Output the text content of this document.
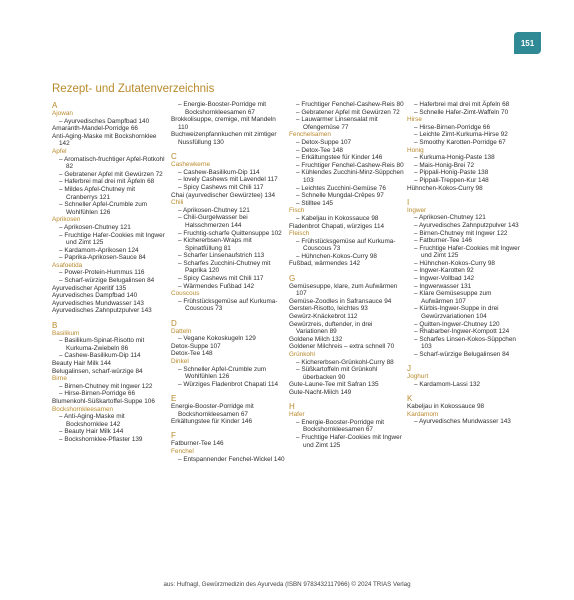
151
Rezept- und Zutatenverzeichnis
A
Ajowan
– Ayurvedisches Dampfbad 140
Amaranth-Mandel-Porridge 66
Anti-Aging-Maske mit Bockshornklee 142
Apfel
– Aromatisch-fruchtiger Apfel-Rotkohl 82
– Gebratener Apfel mit Gewürzen 72
– Haferbrei mal drei mit Äpfeln 68
– Mildes Apfel-Chutney mit Cranberrys 121
– Schneller Apfel-Crumble zum Wohlfühlen 126
Aprikosen
– Aprikosen-Chutney 121
– Fruchtige Hafer-Cookies mit Ingwer und Zimt 125
– Kardamom-Aprikosen 124
– Paprika-Aprikosen-Sauce 84
Asafoetida
– Power-Protein-Hummus 116
– Scharf-würzige Belugalinsen 84
Ayurvedischer Aperitif 135
Ayurvedisches Dampfbad 140
Ayurvedisches Mundwasser 143
Ayurvedisches Zahnputzpulver 143
B
Basilikum
– Basilikum-Spinat-Risotto mit Kurkuma-Zwiebeln 86
– Cashew-Basilikum-Dip 114
Beauty Hair Milk 144
Belugalinsen, scharf-würzige 84
Birne
– Birnen-Chutney mit Ingwer 122
– Hirse-Birnen-Porridge 66
Blumenkohl-Süßkartoffel-Suppe 106
Bockshornkleesamen
– Anti-Aging-Maske mit Bockshornklee 142
– Beauty Hair Milk 144
– Bockshornklee-Pflaster 139
– Energie-Booster-Porridge mit Bockshornkleesamen 67
Brokkolisuppe, cremige, mit Mandeln 110
Buchweizenpfannkuchen mit zimtiger Nussfüllung 130
C
Cashewkerne
– Cashew-Basilikum-Dip 114
– lovely Cashews mit Lavendel 117
– Spicy Cashews mit Chili 117
Chai (ayurvedischer Gewürztee) 134
Chili
– Aprikosen-Chutney 121
– Chili-Gurgelwasser bei Halsschmerzen 144
– Fruchtig-scharfe Quittensuppe 102
– Kichererbsen-Wraps mit Spinatfüllung 81
– Scharfer Linsenaufstrich 113
– Scharfes Zucchini-Chutney mit Paprika 120
– Spicy Cashews mit Chili 117
– Wärmendes Fußbad 142
Couscous
– Frühstücksgemüse auf Kurkuma-Couscous 73
D
Datteln
– Vegane Kokoskugeln 129
Detox-Suppe 107
Detox-Tee 148
Dinkel
– Schneller Apfel-Crumble zum Wohlfühlen 126
– Würziges Fladenbrot Chapati 114
E
Energie-Booster-Porridge mit Bockshornkleesamen 67
Erkältungstee für Kinder 146
F
Fatburner-Tee 146
Fenchel
– Entspannender Fenchel-Wickel 140
– Fruchtiger Fenchel-Cashew-Reis 80
– Gebratener Apfel mit Gewürzen 72
– Lauwarmer Linsensalat mit Ofengemüse 77
Fenchelsamen
– Detox-Suppe 107
– Detox-Tee 148
– Erkältungstee für Kinder 146
– Fruchtiger Fenchel-Cashew-Reis 80
– Kühlendes Zucchini-Minz-Süppchen 103
– Leichtes Zucchini-Gemüse 76
– Schnelle Mungdal-Crêpes 97
– Stilltee 145
Fisch
– Kabeljau in Kokossauce 98
Fladenbrot Chapati, würziges 114
Fleisch
– Frühstücksgemüse auf Kurkuma-Couscous 73
– Hühnchen-Kokos-Curry 98
Fußbad, wärmendes 142
G
Gemüsesuppe, klare, zum Aufwärmen 107
Gemüse-Zoodles in Safransauce 94
Gersten-Risotto, leichtes 93
Gewürz-Knäckebrot 112
Gewürzreis, duftender, in drei Variationen 89
Goldene Milch 132
Goldener Milchreis – extra schnell 70
Grünkohl
– Kichererbsen-Grünkohl-Curry 88
– Süßkartoffeln mit Grünkohl überbacken 90
Gute-Laune-Tee mit Safran 135
Gute-Nacht-Milch 149
H
Hafer
– Energie-Booster-Porridge mit Bockshornkleesamen 67
– Fruchtige Hafer-Cookies mit Ingwer und Zimt 125
– Haferbrei mal drei mit Äpfeln 68
– Schnelle Hafer-Zimt-Waffeln 70
Hirse
– Hirse-Birnen-Porridge 66
– Leichte Zimt-Kurkuma-Hirse 92
– Smoothy Karotten-Porridge 67
Honig
– Kurkuma-Honig-Paste 138
– Mais-Honig-Brei 72
– Pippali-Honig-Paste 138
– Pippali-Treppen-Kur 148
Hühnchen-Kokos-Curry 98
I
Ingwer
– Aprikosen-Chutney 121
– Ayurvedisches Zahnputzpulver 143
– Birnen-Chutney mit Ingwer 122
– Fatburner-Tee 146
– Fruchtige Hafer-Cookies mit Ingwer und Zimt 125
– Hühnchen-Kokos-Curry 98
– Ingwer-Karotten 92
– Ingwer-Vollbad 142
– Ingwerwasser 131
– Klare Gemüsesuppe zum Aufwärmen 107
– Kürbis-Ingwer-Suppe in drei Gewürzvariationen 104
– Quitten-Ingwer-Chutney 120
– Rhabarber-Ingwer-Kompott 124
– Scharfes Linsen-Kokos-Süppchen 103
– Scharf-würzige Belugalinsen 84
J
Joghurt
– Kardamom-Lassi 132
K
Kabeljau in Kokossauce 98
Kardamom
– Ayurvedisches Mundwasser 143
aus: Hufnagl, Gewürzmedizin des Ayurveda (ISBN 9783432117966) © 2024 TRIAS Verlag
